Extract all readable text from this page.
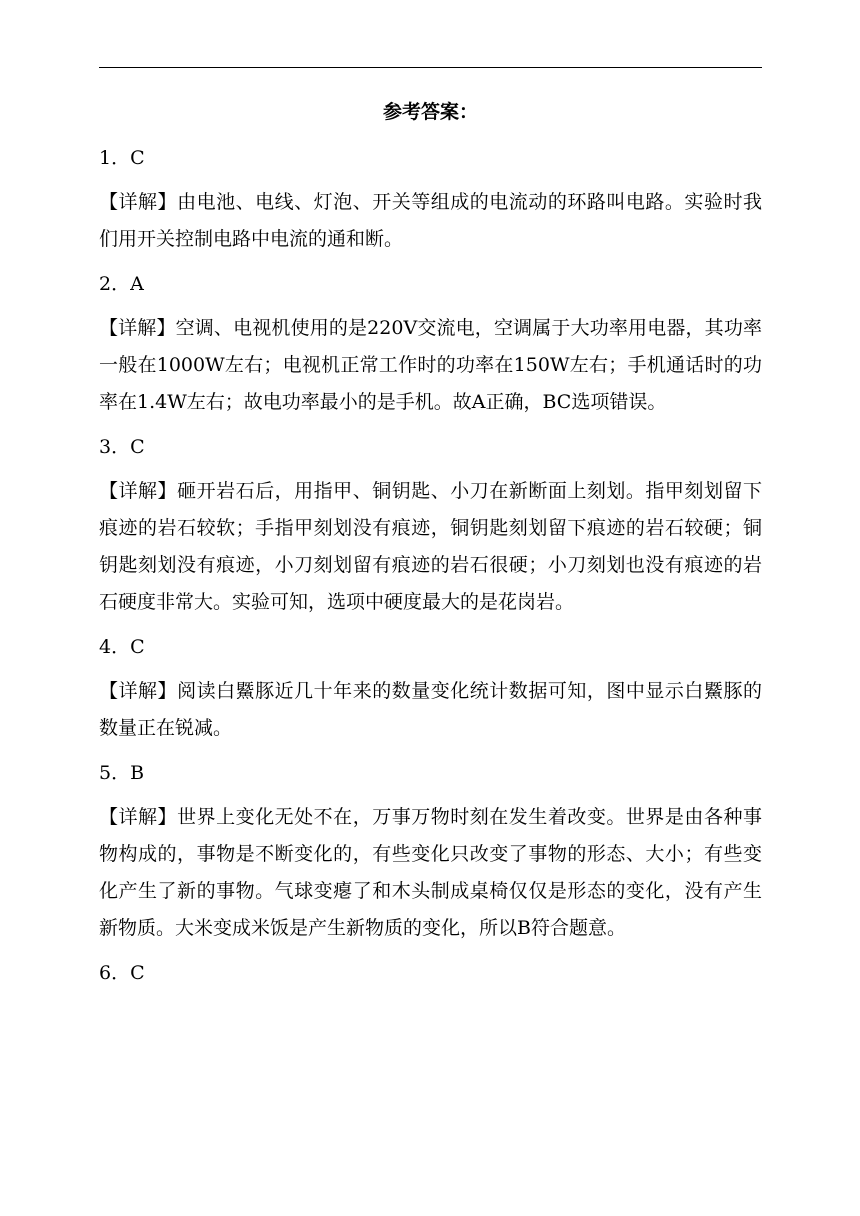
参考答案：
1．C
【详解】由电池、电线、灯泡、开关等组成的电流动的环路叫电路。实验时我们用开关控制电路中电流的通和断。
2．A
【详解】空调、电视机使用的是220V交流电，空调属于大功率用电器，其功率一般在1000W左右；电视机正常工作时的功率在150W左右；手机通话时的功率在1.4W左右；故电功率最小的是手机。故A正确，BC选项错误。
3．C
【详解】砸开岩石后，用指甲、铜钥匙、小刀在新断面上刻划。指甲刻划留下痕迹的岩石较软；手指甲刻划没有痕迹，铜钥匙刻划留下痕迹的岩石较硬；铜钥匙刻划没有痕迹，小刀刻划留有痕迹的岩石很硬；小刀刻划也没有痕迹的岩石硬度非常大。实验可知，选项中硬度最大的是花岗岩。
4．C
【详解】阅读白鱀豚近几十年来的数量变化统计数据可知，图中显示白鱀豚的数量正在锐减。
5．B
【详解】世界上变化无处不在，万事万物时刻在发生着改变。世界是由各种事物构成的，事物是不断变化的，有些变化只改变了事物的形态、大小；有些变化产生了新的事物。气球变瘪了和木头制成桌椅仅仅是形态的变化，没有产生新物质。大米变成米饭是产生新物质的变化，所以B符合题意。
6．C
